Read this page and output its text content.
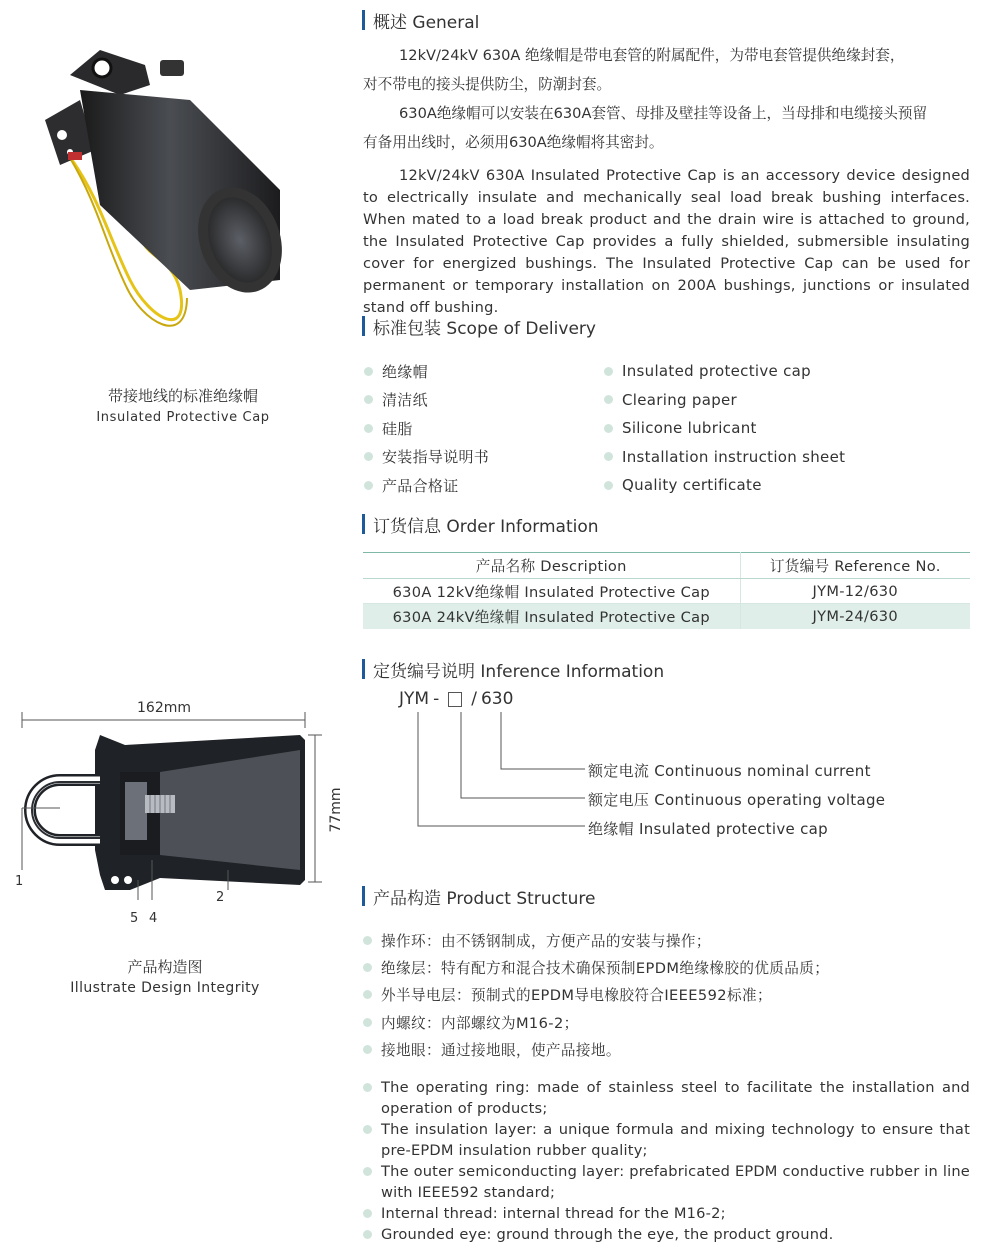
带接地线的标准绝缘帽
Insulated Protective Cap
162mm
77mm
1
2
4
5
产品构造图
Illustrate Design Integrity
概述 General
12kV/24kV 630A 绝缘帽是带电套管的附属配件，为带电套管提供绝缘封套，
对不带电的接头提供防尘，防潮封套。
630A绝缘帽可以安装在630A套管、母排及壁挂等设备上，当母排和电缆接头预留
有备用出线时，必须用630A绝缘帽将其密封。
12kV/24kV 630A Insulated Protective Cap is an accessory device designed to electrically insulate and mechanically seal load break bushing interfaces. When mated to a load break product and the drain wire is attached to ground, the Insulated Protective Cap provides a fully shielded, submersible insulating cover for energized bushings. The Insulated Protective Cap can be used for permanent or temporary installation on 200A bushings, junctions or insulated stand off bushing.
标准包装 Scope of Delivery
绝缘帽
清洁纸
硅脂
安装指导说明书
产品合格证
Insulated protective cap
Clearing paper
Silicone lubricant
Installation instruction sheet
Quality certificate
订货信息 Order Information
产品名称 Description	订货编号 Reference No.
630A 12kV绝缘帽 Insulated Protective Cap	JYM-12/630
630A 24kV绝缘帽 Insulated Protective Cap	JYM-24/630
定货编号说明 Inference Information
JYM - / 630
额定电流 Continuous nominal current
额定电压 Continuous operating voltage
绝缘帽 Insulated protective cap
产品构造 Product Structure
操作环：由不锈钢制成，方便产品的安装与操作；
绝缘层：特有配方和混合技术确保预制EPDM绝缘橡胶的优质品质；
外半导电层：预制式的EPDM导电橡胶符合IEEE592标准；
内螺纹：内部螺纹为M16-2；
接地眼：通过接地眼，使产品接地。
The operating ring: made of stainless steel to facilitate the installation and operation of products;
The insulation layer: a unique formula and mixing technology to ensure that pre-EPDM insulation rubber quality;
The outer semiconducting layer: prefabricated EPDM conductive rubber in line with IEEE592 standard;
Internal thread: internal thread for the M16-2;
Grounded eye: ground through the eye, the product ground.
